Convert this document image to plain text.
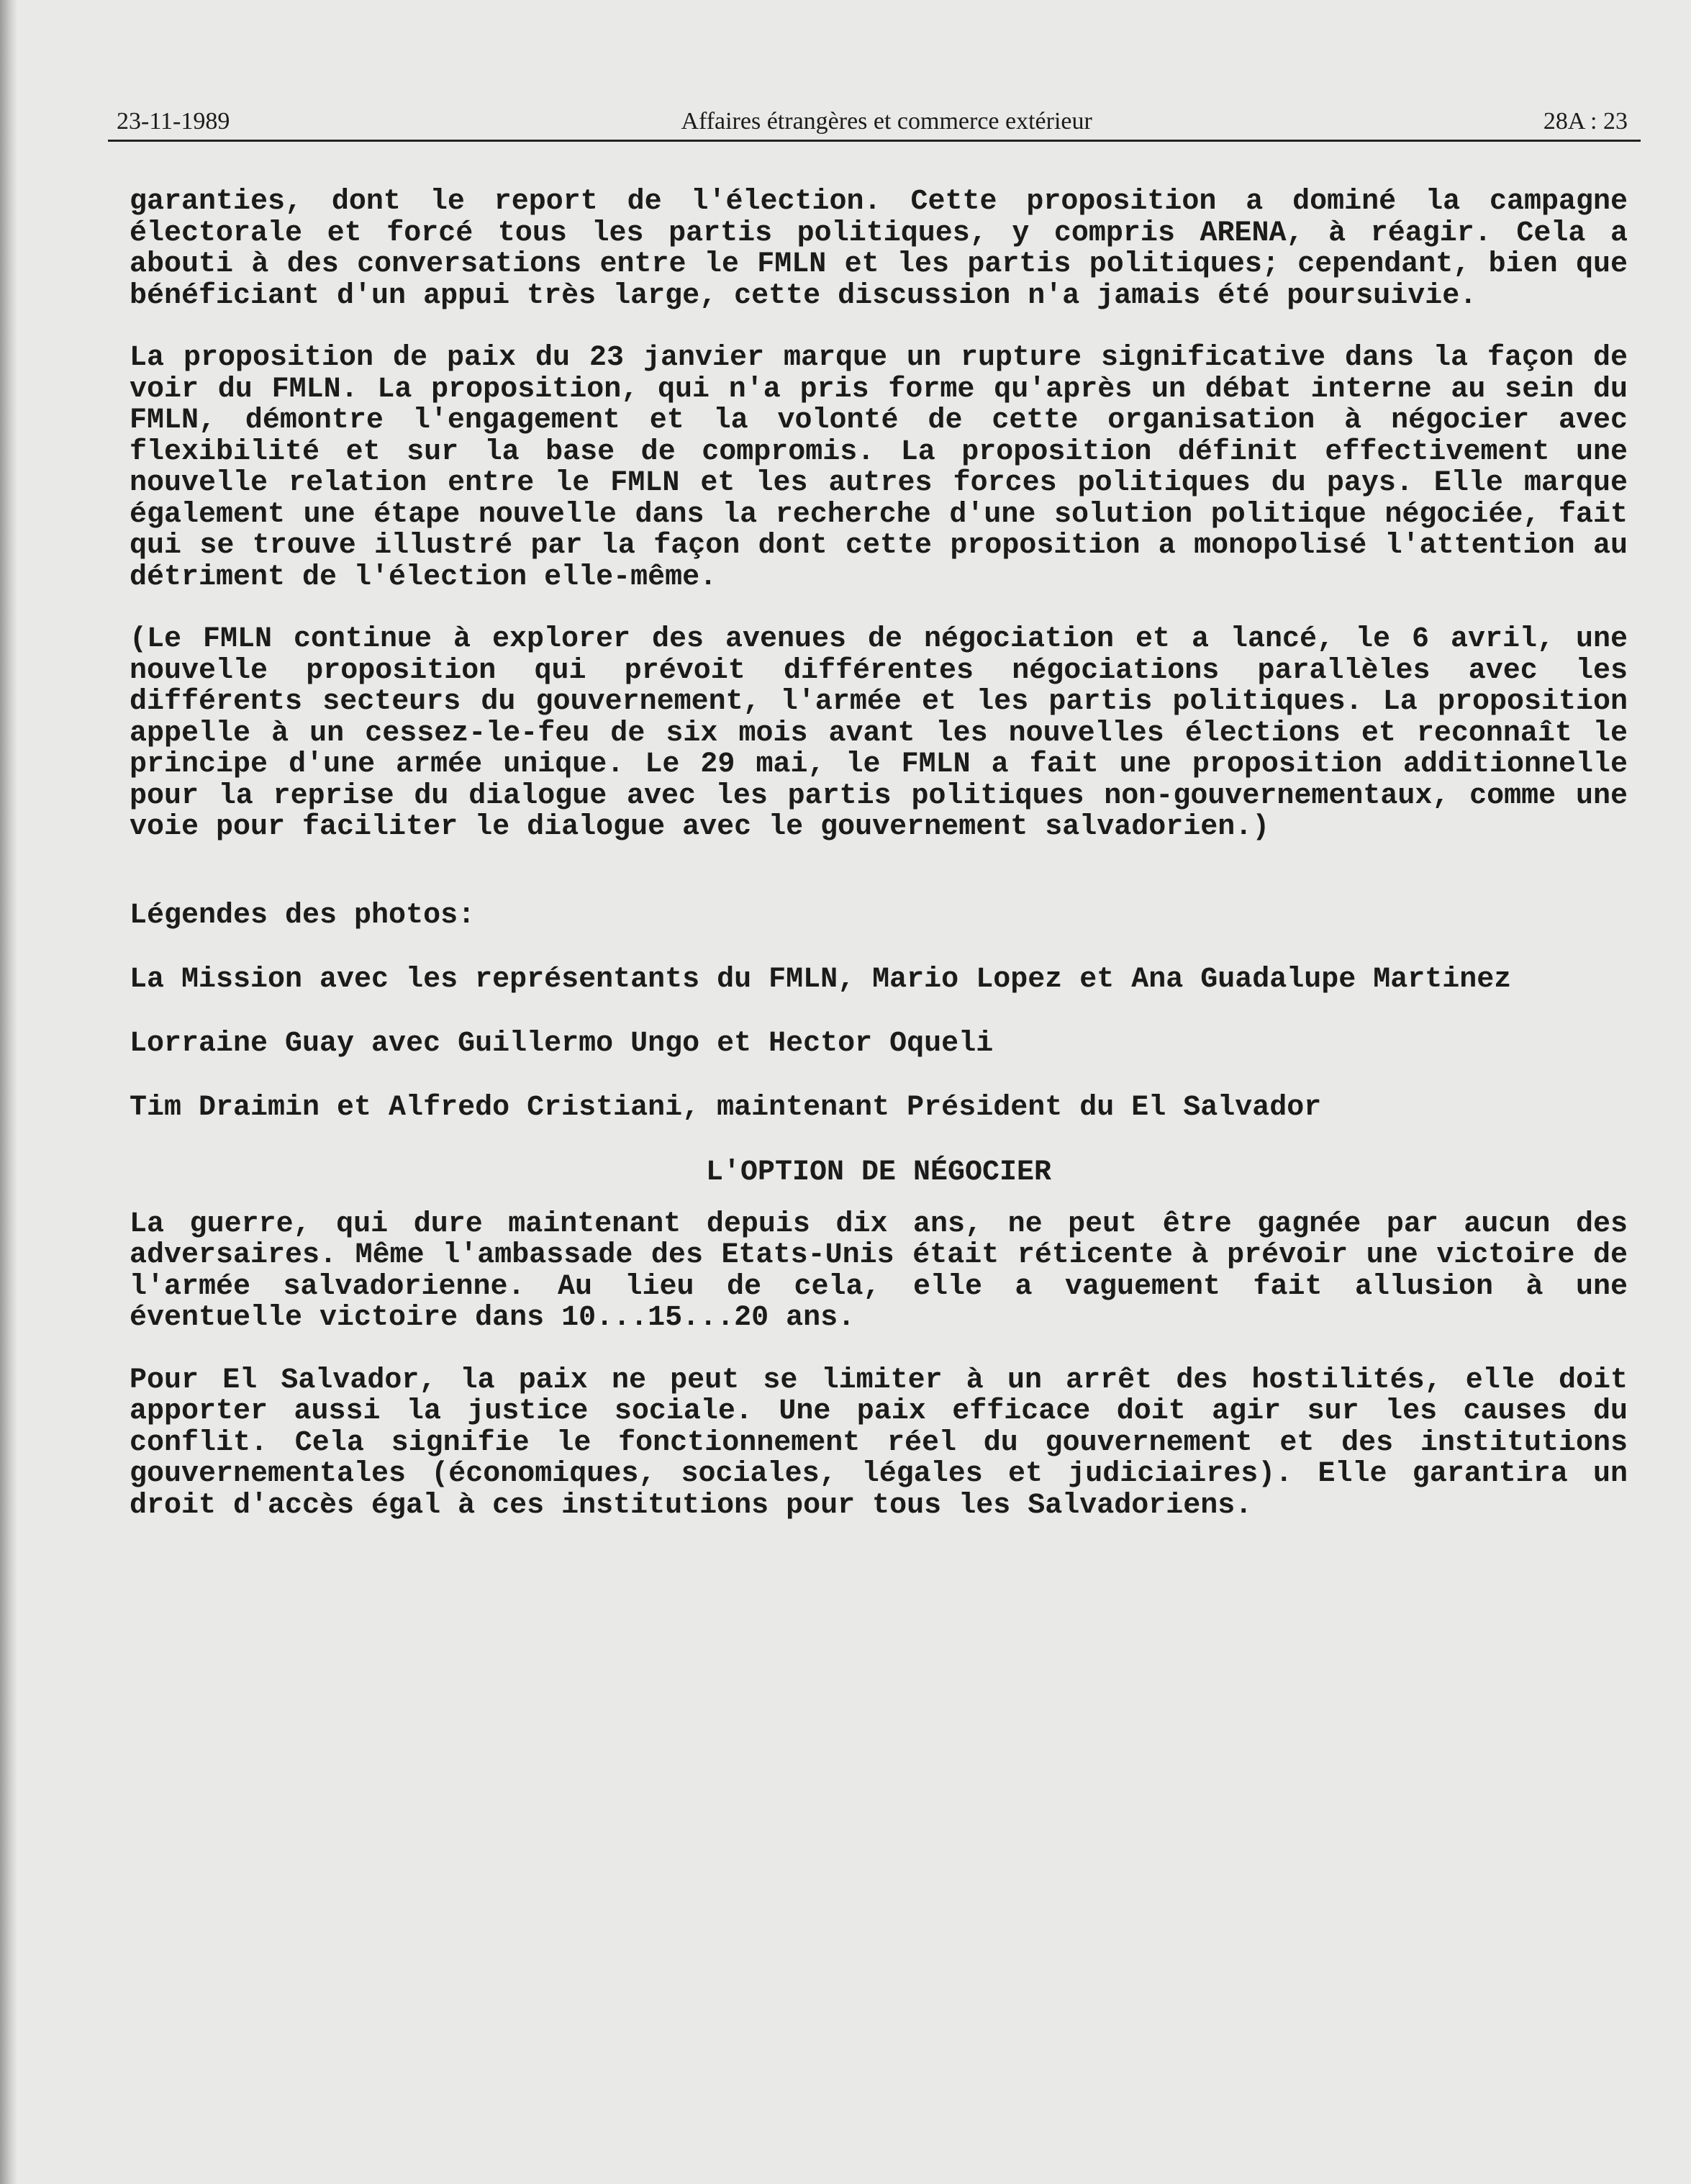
23-11-1989	Affaires étrangères et commerce extérieur	28A : 23

garanties, dont le report de l'élection. Cette proposition a dominé la campagne électorale et forcé tous les partis politiques, y compris ARENA, à réagir. Cela a abouti à des conversations entre le FMLN et les partis politiques; cependant, bien que bénéficiant d'un appui très large, cette discussion n'a jamais été poursuivie.

La proposition de paix du 23 janvier marque un rupture significative dans la façon de voir du FMLN. La proposition, qui n'a pris forme qu'après un débat interne au sein du FMLN, démontre l'engagement et la volonté de cette organisation à négocier avec flexibilité et sur la base de compromis. La proposition définit effectivement une nouvelle relation entre le FMLN et les autres forces politiques du pays. Elle marque également une étape nouvelle dans la recherche d'une solution politique négociée, fait qui se trouve illustré par la façon dont cette proposition a monopolisé l'attention au détriment de l'élection elle-même.

(Le FMLN continue à explorer des avenues de négociation et a lancé, le 6 avril, une nouvelle proposition qui prévoit différentes négociations parallèles avec les différents secteurs du gouvernement, l'armée et les partis politiques. La proposition appelle à un cessez-le-feu de six mois avant les nouvelles élections et reconnaît le principe d'une armée unique. Le 29 mai, le FMLN a fait une proposition additionnelle pour la reprise du dialogue avec les partis politiques non-gouvernementaux, comme une voie pour faciliter le dialogue avec le gouvernement salvadorien.)

Légendes des photos:

La Mission avec les représentants du FMLN, Mario Lopez et Ana Guadalupe Martinez

Lorraine Guay avec Guillermo Ungo et Hector Oqueli

Tim Draimin et Alfredo Cristiani, maintenant Président du El Salvador

L'OPTION DE NÉGOCIER

La guerre, qui dure maintenant depuis dix ans, ne peut être gagnée par aucun des adversaires. Même l'ambassade des Etats-Unis était réticente à prévoir une victoire de l'armée salvadorienne. Au lieu de cela, elle a vaguement fait allusion à une éventuelle victoire dans 10...15...20 ans.

Pour El Salvador, la paix ne peut se limiter à un arrêt des hostilités, elle doit apporter aussi la justice sociale. Une paix efficace doit agir sur les causes du conflit. Cela signifie le fonctionnement réel du gouvernement et des institutions gouvernementales (économiques, sociales, légales et judiciaires). Elle garantira un droit d'accès égal à ces institutions pour tous les Salvadoriens.
